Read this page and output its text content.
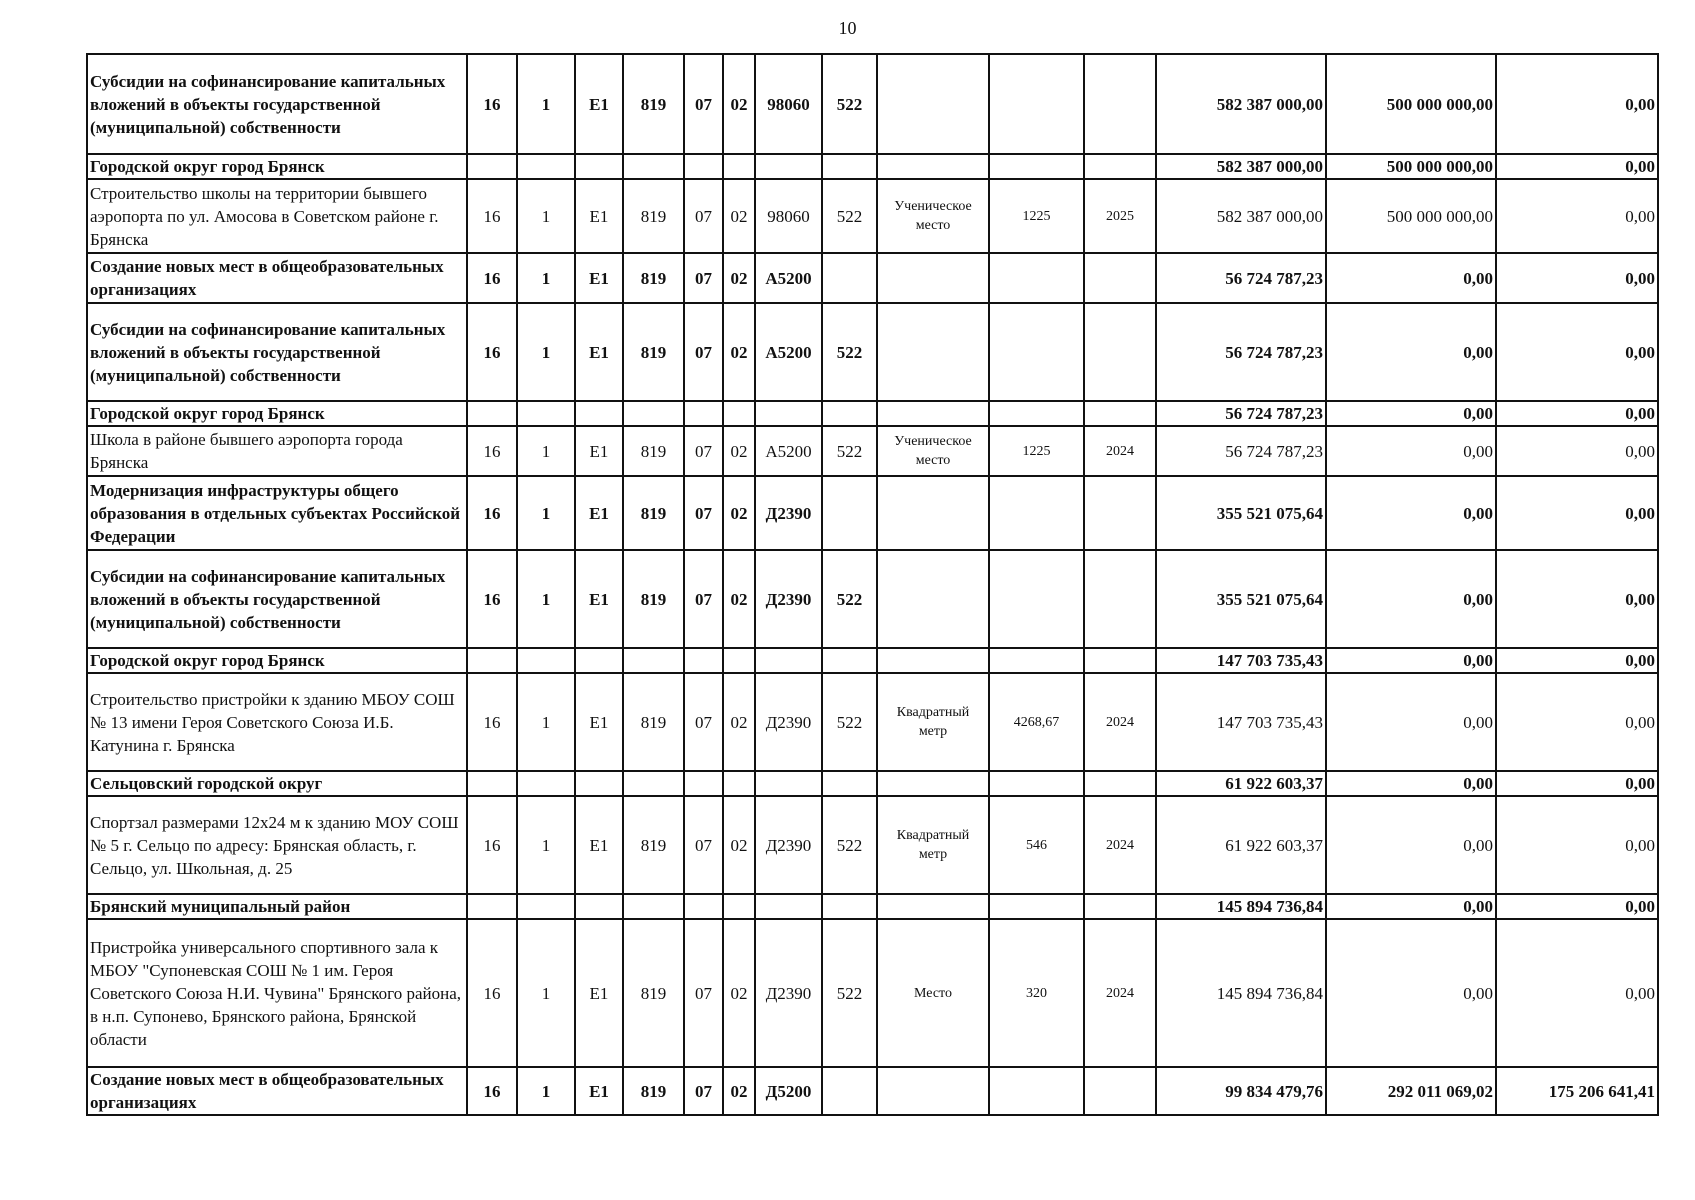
10
Субсидии на софинансирование капитальных вложений в объекты государственной (муниципальной) собственности	16	1	E1	819	07	02	98060	522				582 387 000,00	500 000 000,00	0,00
Городской округ город Брянск												582 387 000,00	500 000 000,00	0,00
Строительство школы на территории бывшего аэропорта по ул. Амосова в Советском районе г. Брянска	16	1	E1	819	07	02	98060	522	Ученическое место	1225	2025	582 387 000,00	500 000 000,00	0,00
Создание новых мест в общеобразовательных организациях	16	1	E1	819	07	02	А5200					56 724 787,23	0,00	0,00
Субсидии на софинансирование капитальных вложений в объекты государственной (муниципальной) собственности	16	1	E1	819	07	02	А5200	522				56 724 787,23	0,00	0,00
Городской округ город Брянск												56 724 787,23	0,00	0,00
Школа в районе бывшего аэропорта города Брянска	16	1	E1	819	07	02	А5200	522	Ученическое место	1225	2024	56 724 787,23	0,00	0,00
Модернизация инфраструктуры общего образования в отдельных субъектах Российской Федерации	16	1	E1	819	07	02	Д2390					355 521 075,64	0,00	0,00
Субсидии на софинансирование капитальных вложений в объекты государственной (муниципальной) собственности	16	1	E1	819	07	02	Д2390	522				355 521 075,64	0,00	0,00
Городской округ город Брянск												147 703 735,43	0,00	0,00
Строительство пристройки к зданию МБОУ СОШ № 13 имени Героя Советского Союза И.Б. Катунина г. Брянска	16	1	E1	819	07	02	Д2390	522	Квадратный метр	4268,67	2024	147 703 735,43	0,00	0,00
Сельцовский городской округ												61 922 603,37	0,00	0,00
Спортзал размерами 12х24 м к зданию МОУ СОШ № 5 г. Сельцо по адресу: Брянская область, г. Сельцо, ул. Школьная, д. 25	16	1	E1	819	07	02	Д2390	522	Квадратный метр	546	2024	61 922 603,37	0,00	0,00
Брянский муниципальный район												145 894 736,84	0,00	0,00
Пристройка универсального спортивного зала к МБОУ "Супоневская СОШ № 1 им. Героя Советского Союза Н.И. Чувина" Брянского района, в н.п. Супонево, Брянского района, Брянской области	16	1	E1	819	07	02	Д2390	522	Место	320	2024	145 894 736,84	0,00	0,00
Создание новых мест в общеобразовательных организациях	16	1	E1	819	07	02	Д5200					99 834 479,76	292 011 069,02	175 206 641,41
